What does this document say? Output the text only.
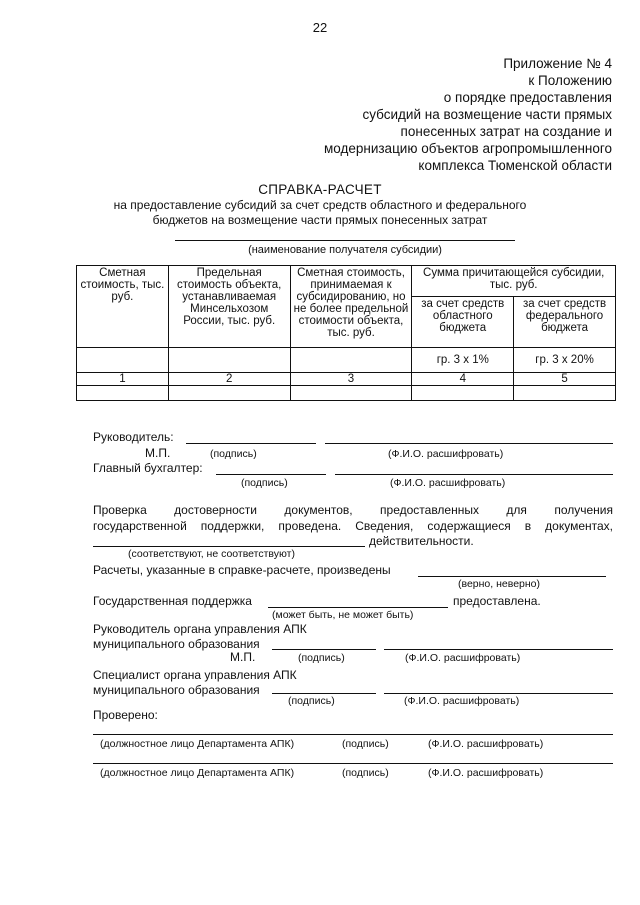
22
Приложение № 4
к Положению
о порядке предоставления
субсидий на возмещение части прямых
понесенных затрат на создание и
модернизацию объектов агропромышленного
комплекса Тюменской области
СПРАВКА-РАСЧЕТ
на предоставление субсидий за счет средств областного и федерального
бюджетов на возмещение части прямых понесенных затрат
(наименование получателя субсидии)
Сметная стоимость, тыс. руб.	Предельная стоимость объекта, устанавливаемая Минсельхозом России, тыс. руб.	Сметная стоимость, принимаемая к субсидированию, но не более предельной стоимости объекта, тыс. руб.	Сумма причитающейся субсидии, тыс. руб.	
			за счет средств областного бюджета	за счет средств федерального бюджета
			гр. 3 х 1%	гр. 3 х 20%
1	2	3	4	5

Руководитель:
М.П.	(подпись)	(Ф.И.О. расшифровать)
Главный бухгалтер:
(подпись)	(Ф.И.О. расшифровать)
Проверка достоверности документов, предоставленных для получения
государственной поддержки, проведена. Сведения, содержащиеся в документах,
действительности.
(соответствуют, не соответствуют)
Расчеты, указанные в справке-расчете, произведены
(верно, неверно)
Государственная поддержка	предоставлена.
(может быть, не может быть)
Руководитель органа управления АПК
муниципального образования
М.П.	(подпись)	(Ф.И.О. расшифровать)
Специалист органа управления АПК
муниципального образования
(подпись)	(Ф.И.О. расшифровать)
Проверено:
(должностное лицо Департамента АПК)	(подпись)	(Ф.И.О. расшифровать)
(должностное лицо Департамента АПК)	(подпись)	(Ф.И.О. расшифровать)
